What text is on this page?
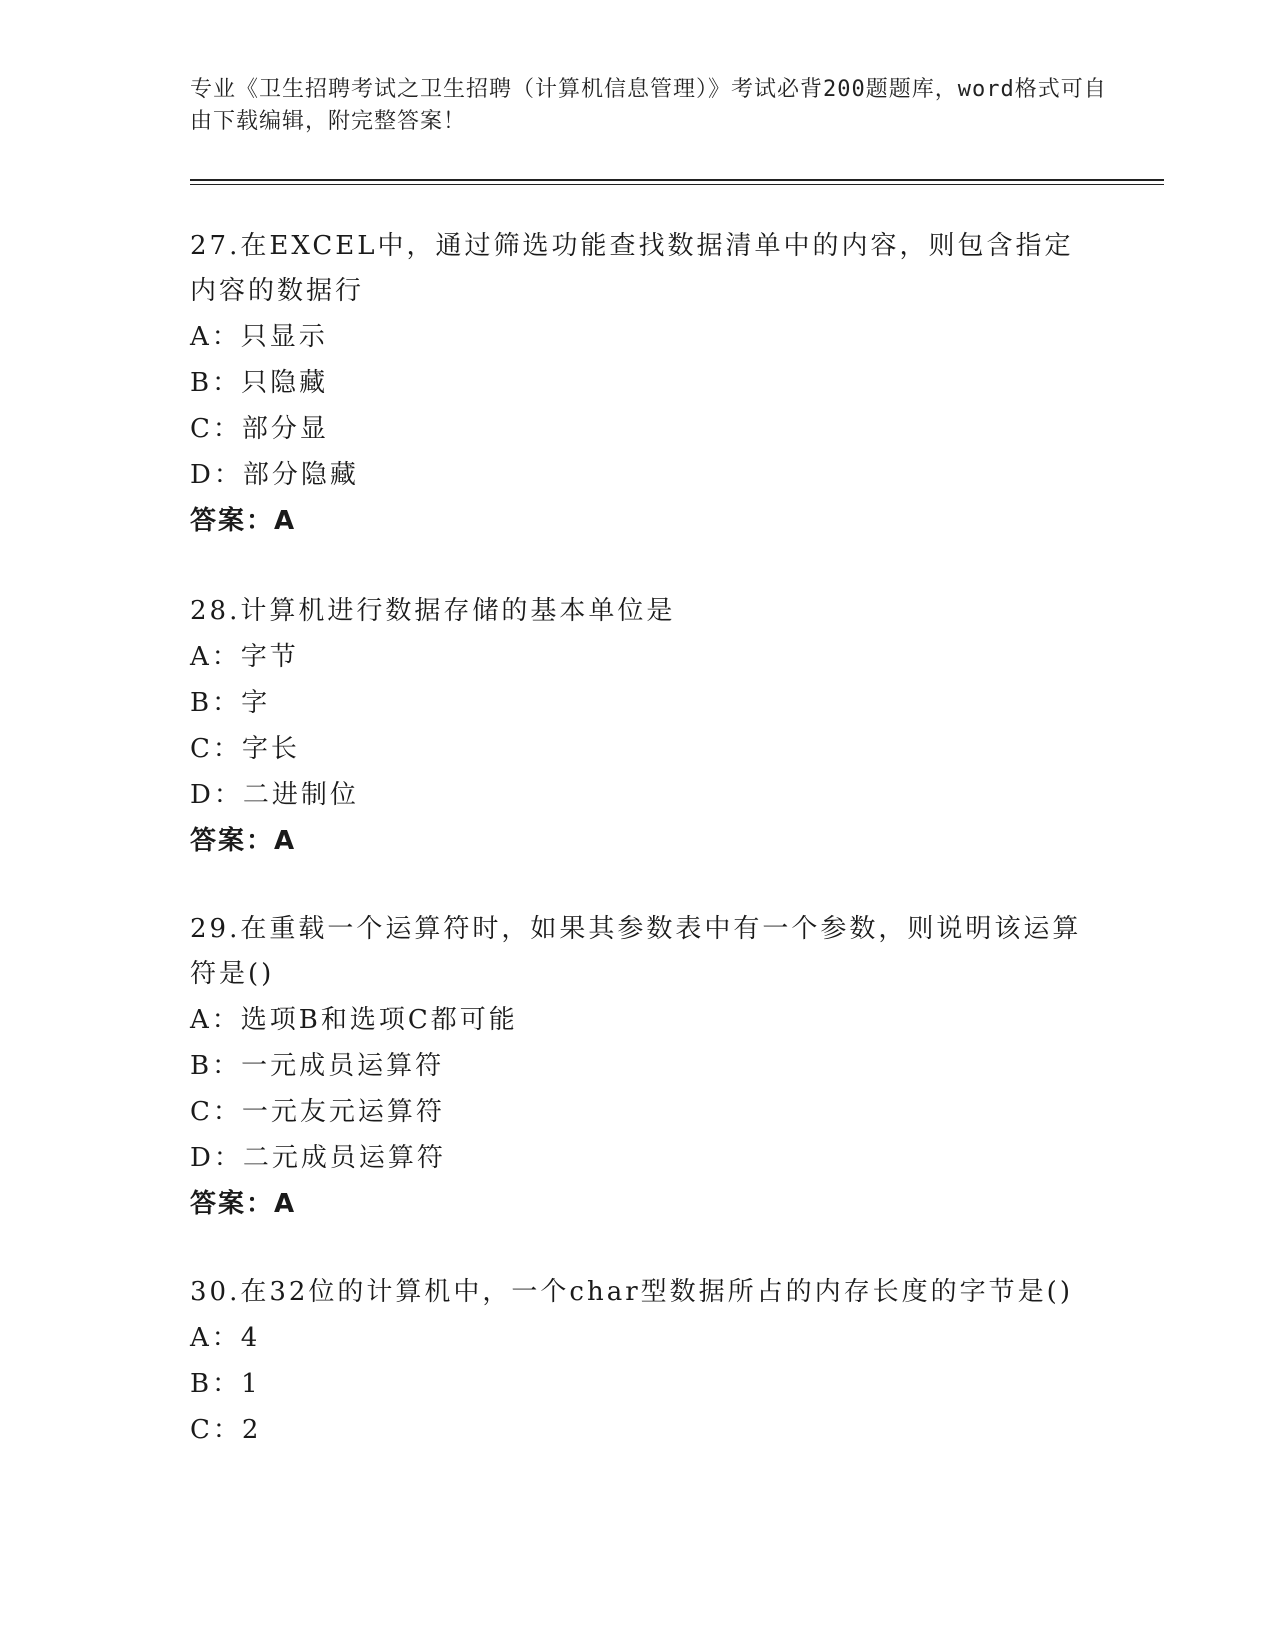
专业《卫生招聘考试之卫生招聘（计算机信息管理）》考试必背200题题库，word格式可自由下载编辑，附完整答案！

27.在EXCEL中，通过筛选功能查找数据清单中的内容，则包含指定内容的数据行

A：只显示

B：只隐藏

C：部分显

D：部分隐藏

答案：A

28.计算机进行数据存储的基本单位是

A：字节

B：字

C：字长

D：二进制位

答案：A

29.在重载一个运算符时，如果其参数表中有一个参数，则说明该运算符是()

A：选项B和选项C都可能

B：一元成员运算符

C：一元友元运算符

D：二元成员运算符

答案：A

30.在32位的计算机中，一个char型数据所占的内存长度的字节是()

A：4

B：1

C：2
